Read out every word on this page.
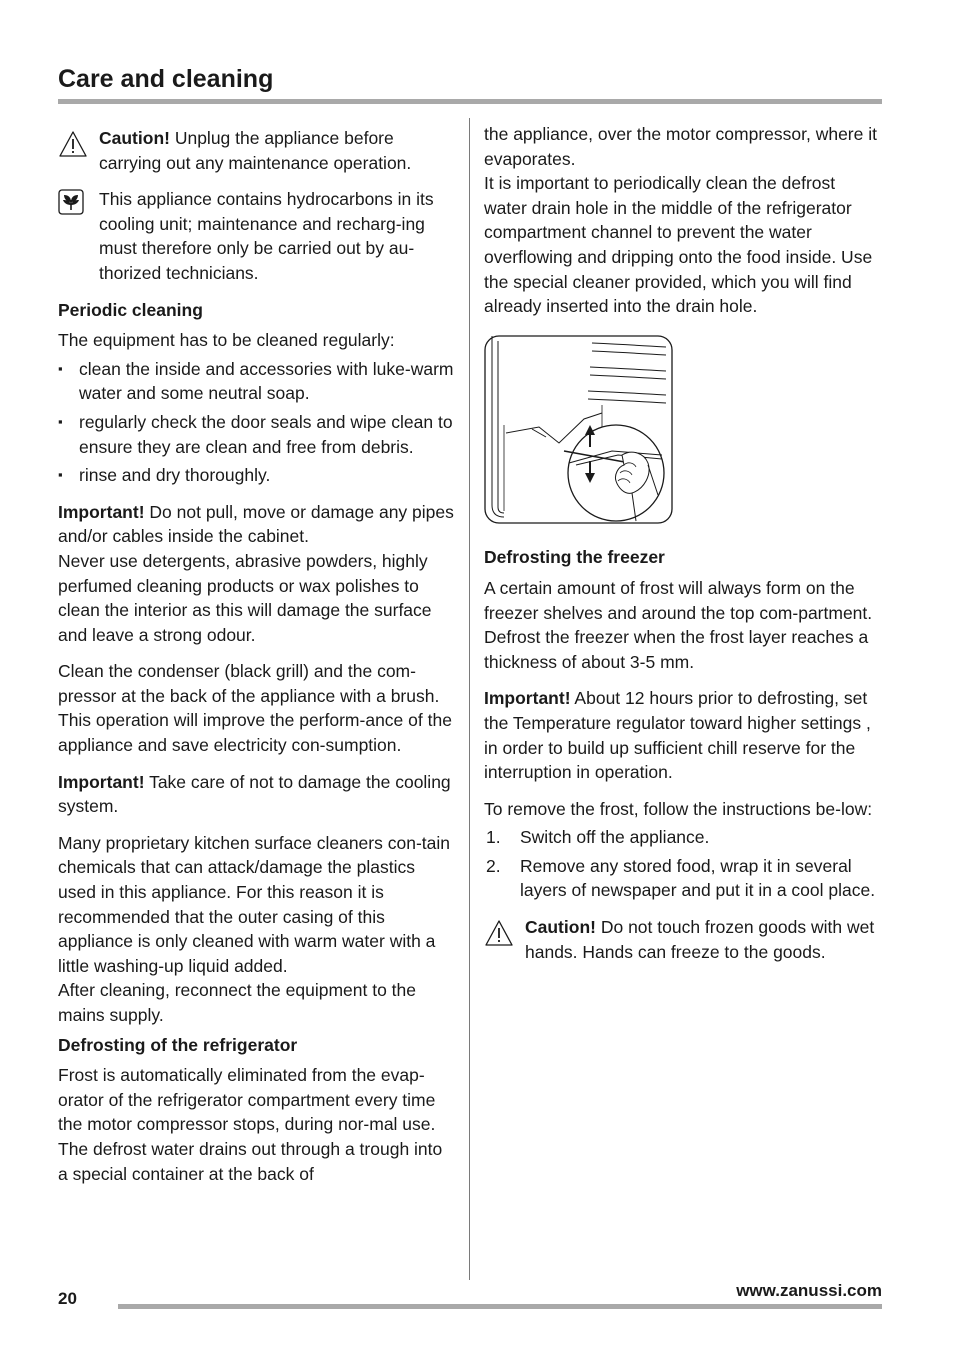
Care and cleaning

Caution! Unplug the appliance before carrying out any maintenance operation.

This appliance contains hydrocarbons in its cooling unit; maintenance and recharg-ing must therefore only be carried out by au-thorized technicians.

Periodic cleaning

The equipment has to be cleaned regularly:

▪ clean the inside and accessories with luke-warm water and some neutral soap.
▪ regularly check the door seals and wipe clean to ensure they are clean and free from debris.
▪ rinse and dry thoroughly.

Important! Do not pull, move or damage any pipes and/or cables inside the cabinet.

Never use detergents, abrasive powders, highly perfumed cleaning products or wax polishes to clean the interior as this will damage the surface and leave a strong odour.

Clean the condenser (black grill) and the com-pressor at the back of the appliance with a brush. This operation will improve the perform-ance of the appliance and save electricity con-sumption.

Important! Take care of not to damage the cooling system.

Many proprietary kitchen surface cleaners con-tain chemicals that can attack/damage the plastics used in this appliance. For this reason it is recommended that the outer casing of this appliance is only cleaned with warm water with a little washing-up liquid added.

After cleaning, reconnect the equipment to the mains supply.

Defrosting of the refrigerator

Frost is automatically eliminated from the evap-orator of the refrigerator compartment every time the motor compressor stops, during nor-mal use. The defrost water drains out through a trough into a special container at the back of

the appliance, over the motor compressor, where it evaporates.

It is important to periodically clean the defrost water drain hole in the middle of the refrigerator compartment channel to prevent the water overflowing and dripping onto the food inside. Use the special cleaner provided, which you will find already inserted into the drain hole.

Defrosting the freezer

A certain amount of frost will always form on the freezer shelves and around the top com-partment.

Defrost the freezer when the frost layer reaches a thickness of about 3-5 mm.

Important! About 12 hours prior to defrosting, set the Temperature regulator toward higher settings , in order to build up sufficient chill reserve for the interruption in operation.

To remove the frost, follow the instructions be-low:

1. Switch off the appliance.
2. Remove any stored food, wrap it in several layers of newspaper and put it in a cool place.

Caution! Do not touch frozen goods with wet hands. Hands can freeze to the goods.

20	www.zanussi.com
